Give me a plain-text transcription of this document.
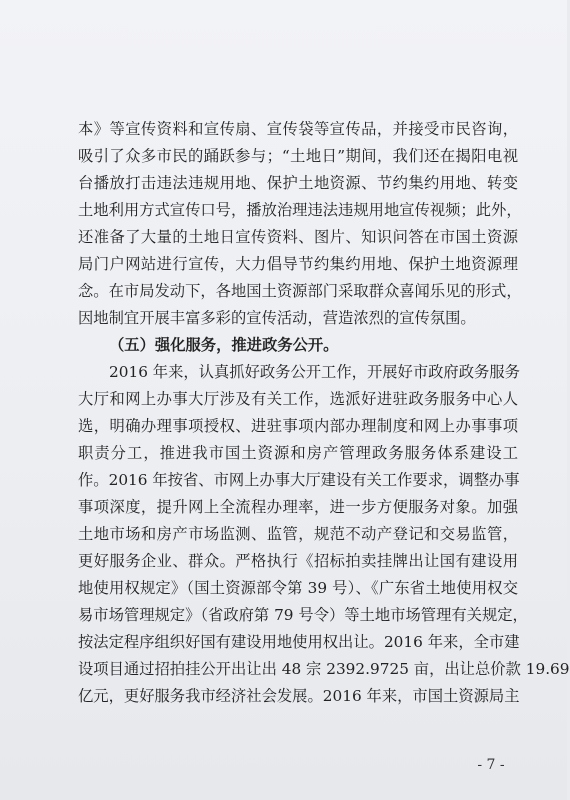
本》等宣传资料和宣传扇、宣传袋等宣传品，并接受市民咨询，
吸引了众多市民的踊跃参与；“土地日”期间，我们还在揭阳电视
台播放打击违法违规用地、保护土地资源、节约集约用地、转变
土地利用方式宣传口号，播放治理违法违规用地宣传视频；此外，
还准备了大量的土地日宣传资料、图片、知识问答在市国土资源
局门户网站进行宣传，大力倡导节约集约用地、保护土地资源理
念。在市局发动下，各地国土资源部门采取群众喜闻乐见的形式，
因地制宜开展丰富多彩的宣传活动，营造浓烈的宣传氛围。
（五）强化服务，推进政务公开。
2016 年来，认真抓好政务公开工作，开展好市政府政务服务
大厅和网上办事大厅涉及有关工作，选派好进驻政务服务中心人
选，明确办理事项授权、进驻事项内部办理制度和网上办事事项
职责分工，推进我市国土资源和房产管理政务服务体系建设工
作。2016 年按省、市网上办事大厅建设有关工作要求，调整办事
事项深度，提升网上全流程办理率，进一步方便服务对象。加强
土地市场和房产市场监测、监管，规范不动产登记和交易监管，
更好服务企业、群众。严格执行《招标拍卖挂牌出让国有建设用
地使用权规定》（国土资源部令第 39 号）、《广东省土地使用权交
易市场管理规定》（省政府第 79 号令）等土地市场管理有关规定，
按法定程序组织好国有建设用地使用权出让。2016 年来，全市建
设项目通过招拍挂公开出让出 48 宗 2392.9725 亩，出让总价款 19.69
亿元，更好服务我市经济社会发展。2016 年来，市国土资源局主
- 7 -
